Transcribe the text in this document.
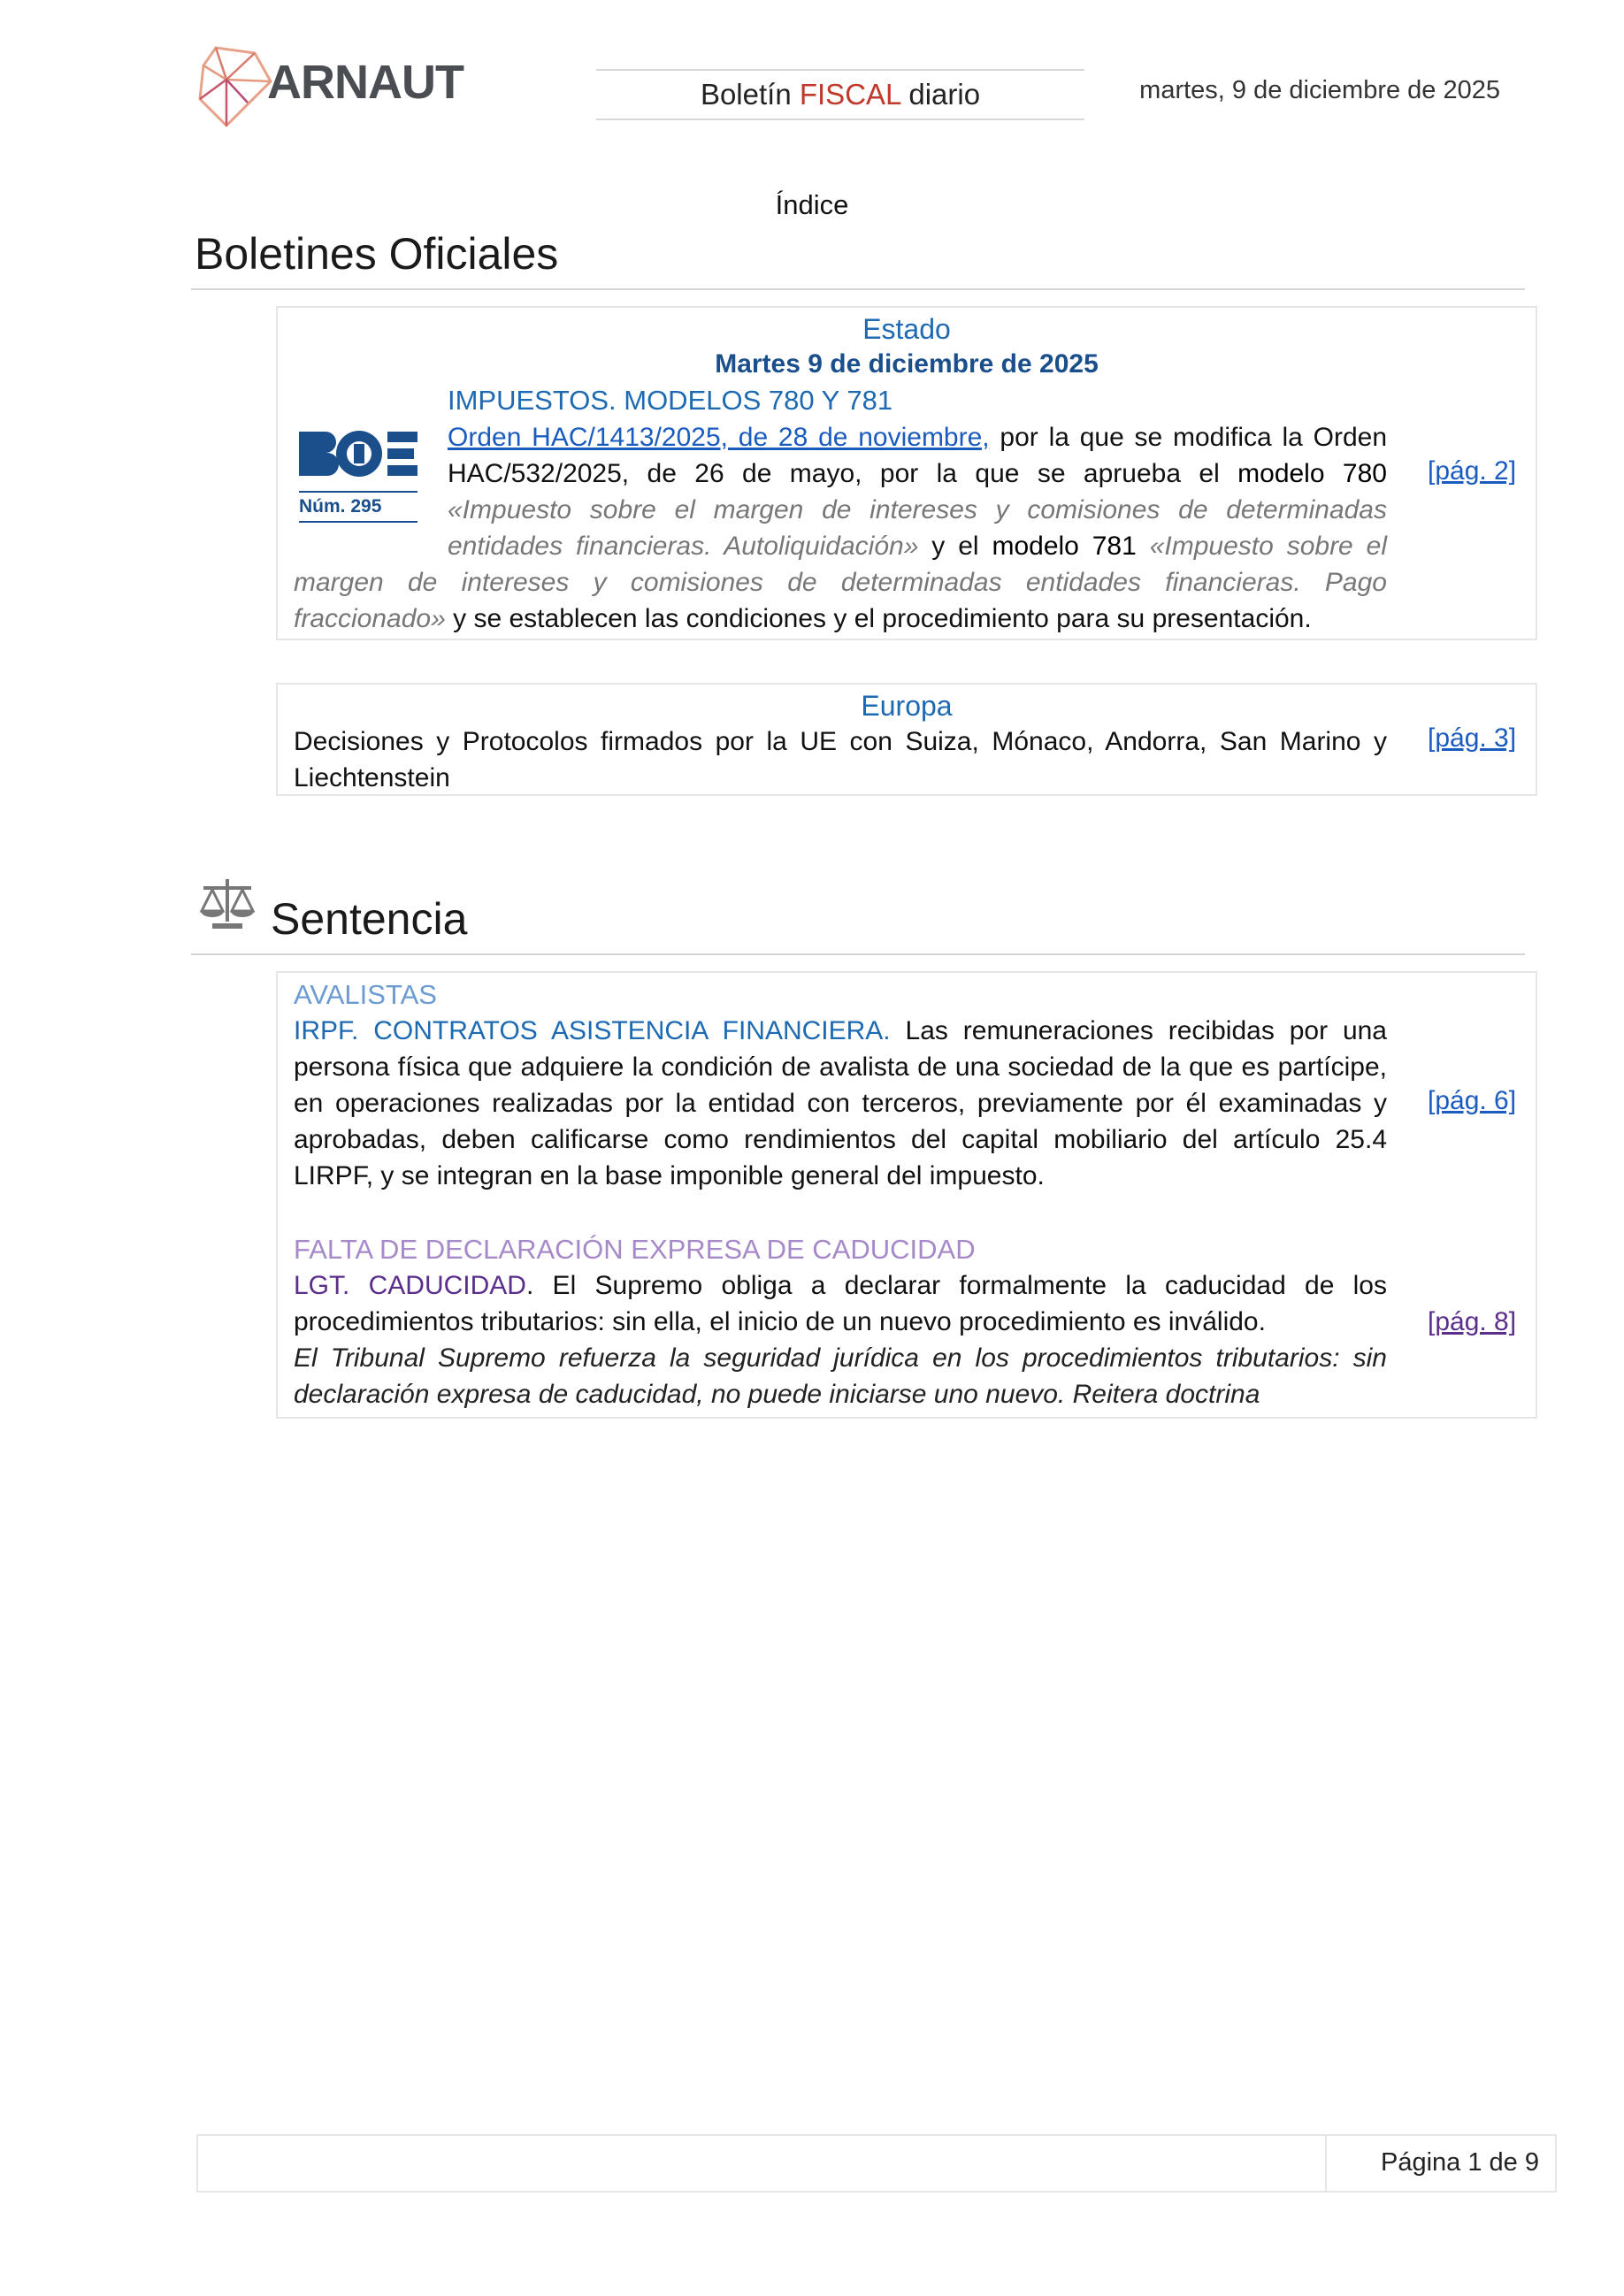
ARNAUT	Boletín FISCAL diario	martes, 9 de diciembre de 2025
Índice
Boletines Oficiales
Estado
Martes 9 de diciembre de 2025
Núm. 295
IMPUESTOS. MODELOS 780 Y 781
Orden HAC/1413/2025, de 28 de noviembre, por la que se modifica la Orden HAC/532/2025, de 26 de mayo, por la que se aprueba el modelo 780 «Impuesto sobre el margen de intereses y comisiones de determinadas entidades financieras. Autoliquidación» y el modelo 781 «Impuesto sobre el margen de intereses y comisiones de determinadas entidades financieras. Pago fraccionado» y se establecen las condiciones y el procedimiento para su presentación.
[pág. 2]
Europa
Decisiones y Protocolos firmados por la UE con Suiza, Mónaco, Andorra, San Marino y Liechtenstein
[pág. 3]
Sentencia
AVALISTAS
IRPF. CONTRATOS ASISTENCIA FINANCIERA. Las remuneraciones recibidas por una persona física que adquiere la condición de avalista de una sociedad de la que es partícipe, en operaciones realizadas por la entidad con terceros, previamente por él examinadas y aprobadas, deben calificarse como rendimientos del capital mobiliario del artículo 25.4 LIRPF, y se integran en la base imponible general del impuesto.
[pág. 6]
FALTA DE DECLARACIÓN EXPRESA DE CADUCIDAD
LGT. CADUCIDAD. El Supremo obliga a declarar formalmente la caducidad de los procedimientos tributarios: sin ella, el inicio de un nuevo procedimiento es inválido.
El Tribunal Supremo refuerza la seguridad jurídica en los procedimientos tributarios: sin declaración expresa de caducidad, no puede iniciarse uno nuevo. Reitera doctrina
[pág. 8]
Página 1 de 9
